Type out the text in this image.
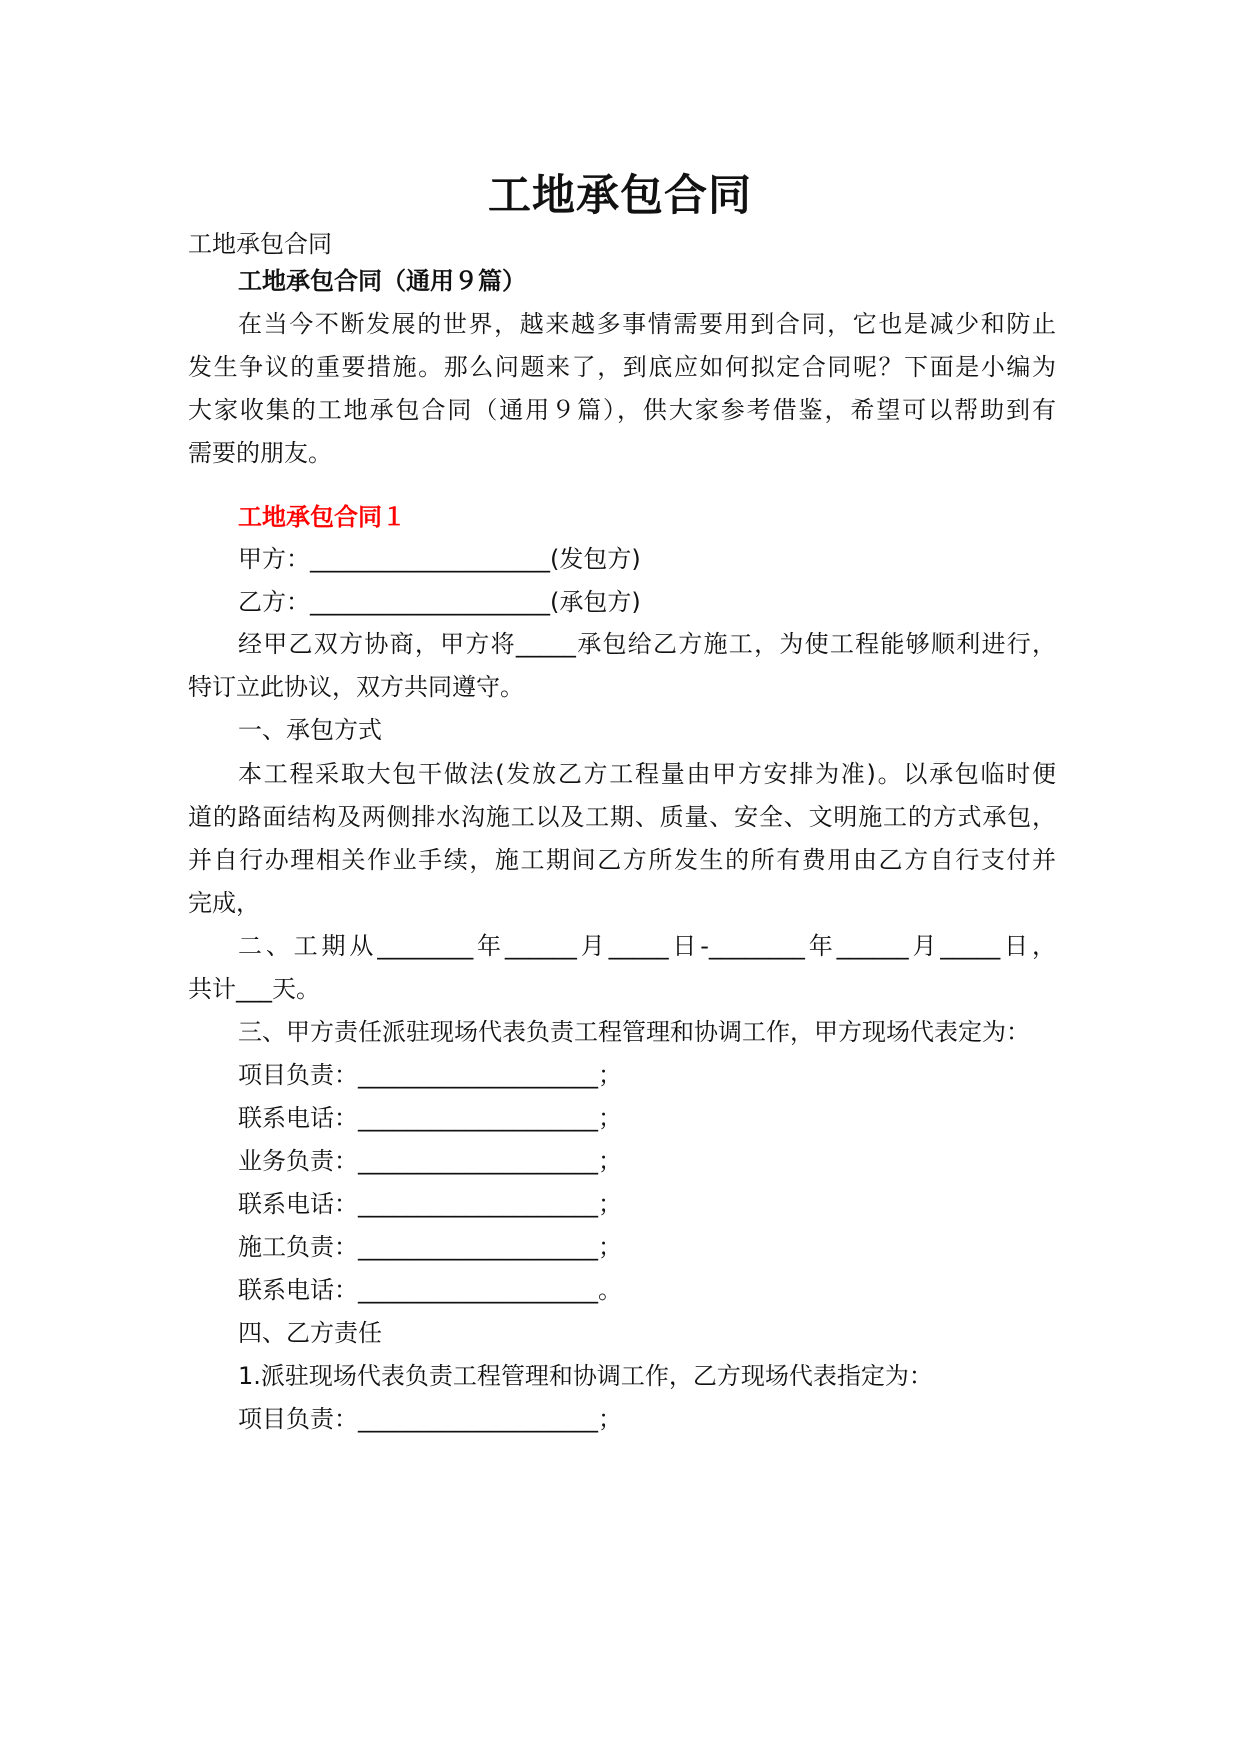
工地承包合同
工地承包合同
工地承包合同（通用９篇）
在当今不断发展的世界，越来越多事情需要用到合同，它也是减少和防止
发生争议的重要措施。那么问题来了，到底应如何拟定合同呢？下面是小编为
大家收集的工地承包合同（通用９篇），供大家参考借鉴，希望可以帮助到有
需要的朋友。
工地承包合同１
甲方：____________________(发包方)
乙方：____________________(承包方)
经甲乙双方协商，甲方将_____承包给乙方施工，为使工程能够顺利进行，
特订立此协议，双方共同遵守。
一、承包方式
本工程采取大包干做法(发放乙方工程量由甲方安排为准)。以承包临时便
道的路面结构及两侧排水沟施工以及工期、质量、安全、文明施工的方式承包，
并自行办理相关作业手续，施工期间乙方所发生的所有费用由乙方自行支付并
完成，
二、工期从________年______月_____日-________年______月_____日，
共计___天。
三、甲方责任派驻现场代表负责工程管理和协调工作，甲方现场代表定为：
项目负责：____________________；
联系电话：____________________；
业务负责：____________________；
联系电话：____________________；
施工负责：____________________；
联系电话：____________________。
四、乙方责任
1.派驻现场代表负责工程管理和协调工作，乙方现场代表指定为：
项目负责：____________________；
